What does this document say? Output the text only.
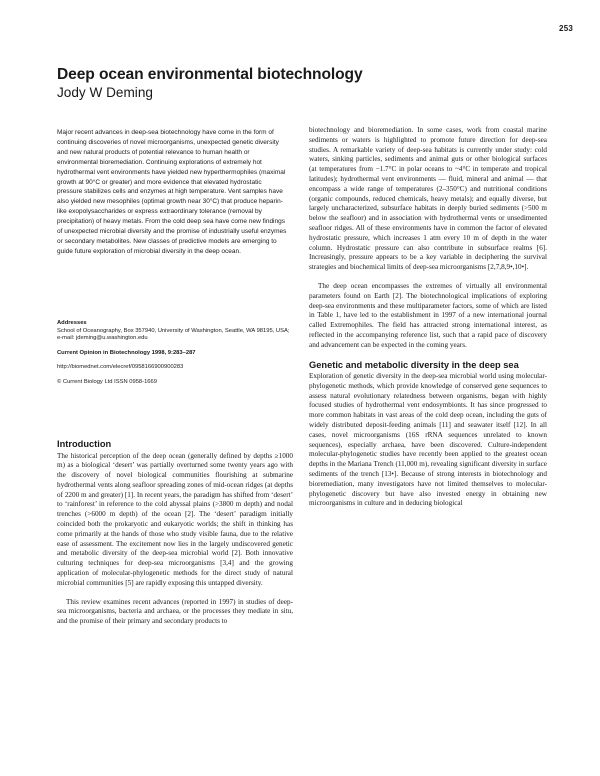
253
Deep ocean environmental biotechnology
Jody W Deming

Major recent advances in deep-sea biotechnology have come in the form of continuing discoveries of novel microorganisms, unexpected genetic diversity and new natural products of potential relevance to human health or environmental bioremediation. Continuing explorations of extremely hot hydrothermal vent environments have yielded new hyperthermophiles (maximal growth at 90°C or greater) and more evidence that elevated hydrostatic pressure stabilizes cells and enzymes at high temperature. Vent samples have also yielded new mesophiles (optimal growth near 30°C) that produce heparin-like exopolysaccharides or express extraordinary tolerance (removal by precipitation) of heavy metals. From the cold deep sea have come new findings of unexpected microbial diversity and the promise of industrially useful enzymes or secondary metabolites. New classes of predictive models are emerging to guide future exploration of microbial diversity in the deep ocean.

Addresses
School of Oceanography, Box 357940, University of Washington, Seattle, WA 98195, USA; e-mail: jdeming@u.washington.edu
Current Opinion in Biotechnology 1998, 9:283–287
http://biomednet.com/elecref/0958166900900283
© Current Biology Ltd ISSN 0958-1669
Introduction

The historical perception of the deep ocean (generally defined by depths ≥1000 m) as a biological ‘desert’ was partially overturned some twenty years ago with the discovery of novel biological communities flourishing at submarine hydrothermal vents along seafloor spreading zones of mid-ocean ridges (at depths of 2200 m and greater) [1]. In recent years, the paradigm has shifted from ‘desert’ to ‘rainforest’ in reference to the cold abyssal plains (>3800 m depth) and nodal trenches (>6000 m depth) of the ocean [2]. The ‘desert’ paradigm initially coincided both the prokaryotic and eukaryotic worlds; the shift in thinking has come primarily at the hands of those who study visible fauna, due to the relative ease of assessment. The excitement now lies in the largely undiscovered genetic and metabolic diversity of the deep-sea microbial world [2]. Both innovative culturing techniques for deep-sea microorganisms [3,4] and the growing application of molecular-phylogenetic methods for the direct study of natural microbial communities [5] are rapidly exposing this untapped diversity.

This review examines recent advances (reported in 1997) in studies of deep-sea microorganisms, bacteria and archaea, or the processes they mediate in situ, and the promise of their primary and secondary products to

biotechnology and bioremediation. In some cases, work from coastal marine sediments or waters is highlighted to promote future direction for deep-sea studies. A remarkable variety of deep-sea habitats is currently under study: cold waters, sinking particles, sediments and animal guts or other biological surfaces (at temperatures from −1.7°C in polar oceans to ~4°C in temperate and tropical latitudes); hydrothermal vent environments — fluid, mineral and animal — that encompass a wide range of temperatures (2–350°C) and nutritional conditions (organic compounds, reduced chemicals, heavy metals); and equally diverse, but largely uncharacterized, subsurface habitats in deeply buried sediments (>500 m below the seafloor) and in association with hydrothermal vents or unsedimented seafloor ridges. All of these environments have in common the factor of elevated hydrostatic pressure, which increases 1 atm every 10 m of depth in the water column. Hydrostatic pressure can also contribute in subsurface realms [6]. Increasingly, pressure appears to be a key variable in deciphering the survival strategies and biochemical limits of deep-sea microorganisms [2,7,8,9•,10•].

The deep ocean encompasses the extremes of virtually all environmental parameters found on Earth [2]. The biotechnological implications of exploring deep-sea environments and these multiparameter factors, some of which are listed in Table 1, have led to the establishment in 1997 of a new international journal called Extremophiles. The field has attracted strong international interest, as reflected in the accompanying reference list, such that a rapid pace of discovery and advancement can be expected in the coming years.

Genetic and metabolic diversity in the deep sea

Exploration of genetic diversity in the deep-sea microbial world using molecular-phylogenetic methods, which provide knowledge of conserved gene sequences to assess natural evolutionary relatedness between organisms, began with highly focused studies of hydrothermal vent endosymbionts. It has since progressed to more common habitats in vast areas of the cold deep ocean, including the guts of widely distributed deposit-feeding animals [11] and seawater itself [12]. In all cases, novel microorganisms (16S rRNA sequences unrelated to known sequences), especially archaea, have been discovered. Culture-independent molecular-phylogenetic studies have recently been applied to the greatest ocean depths in the Mariana Trench (11,000 m), revealing significant diversity in surface sediments of the trench [13•]. Because of strong interests in biotechnology and bioremediation, many investigators have not limited themselves to molecular-phylogenetic discovery but have also invested energy in obtaining new microorganisms in culture and in deducing biological
